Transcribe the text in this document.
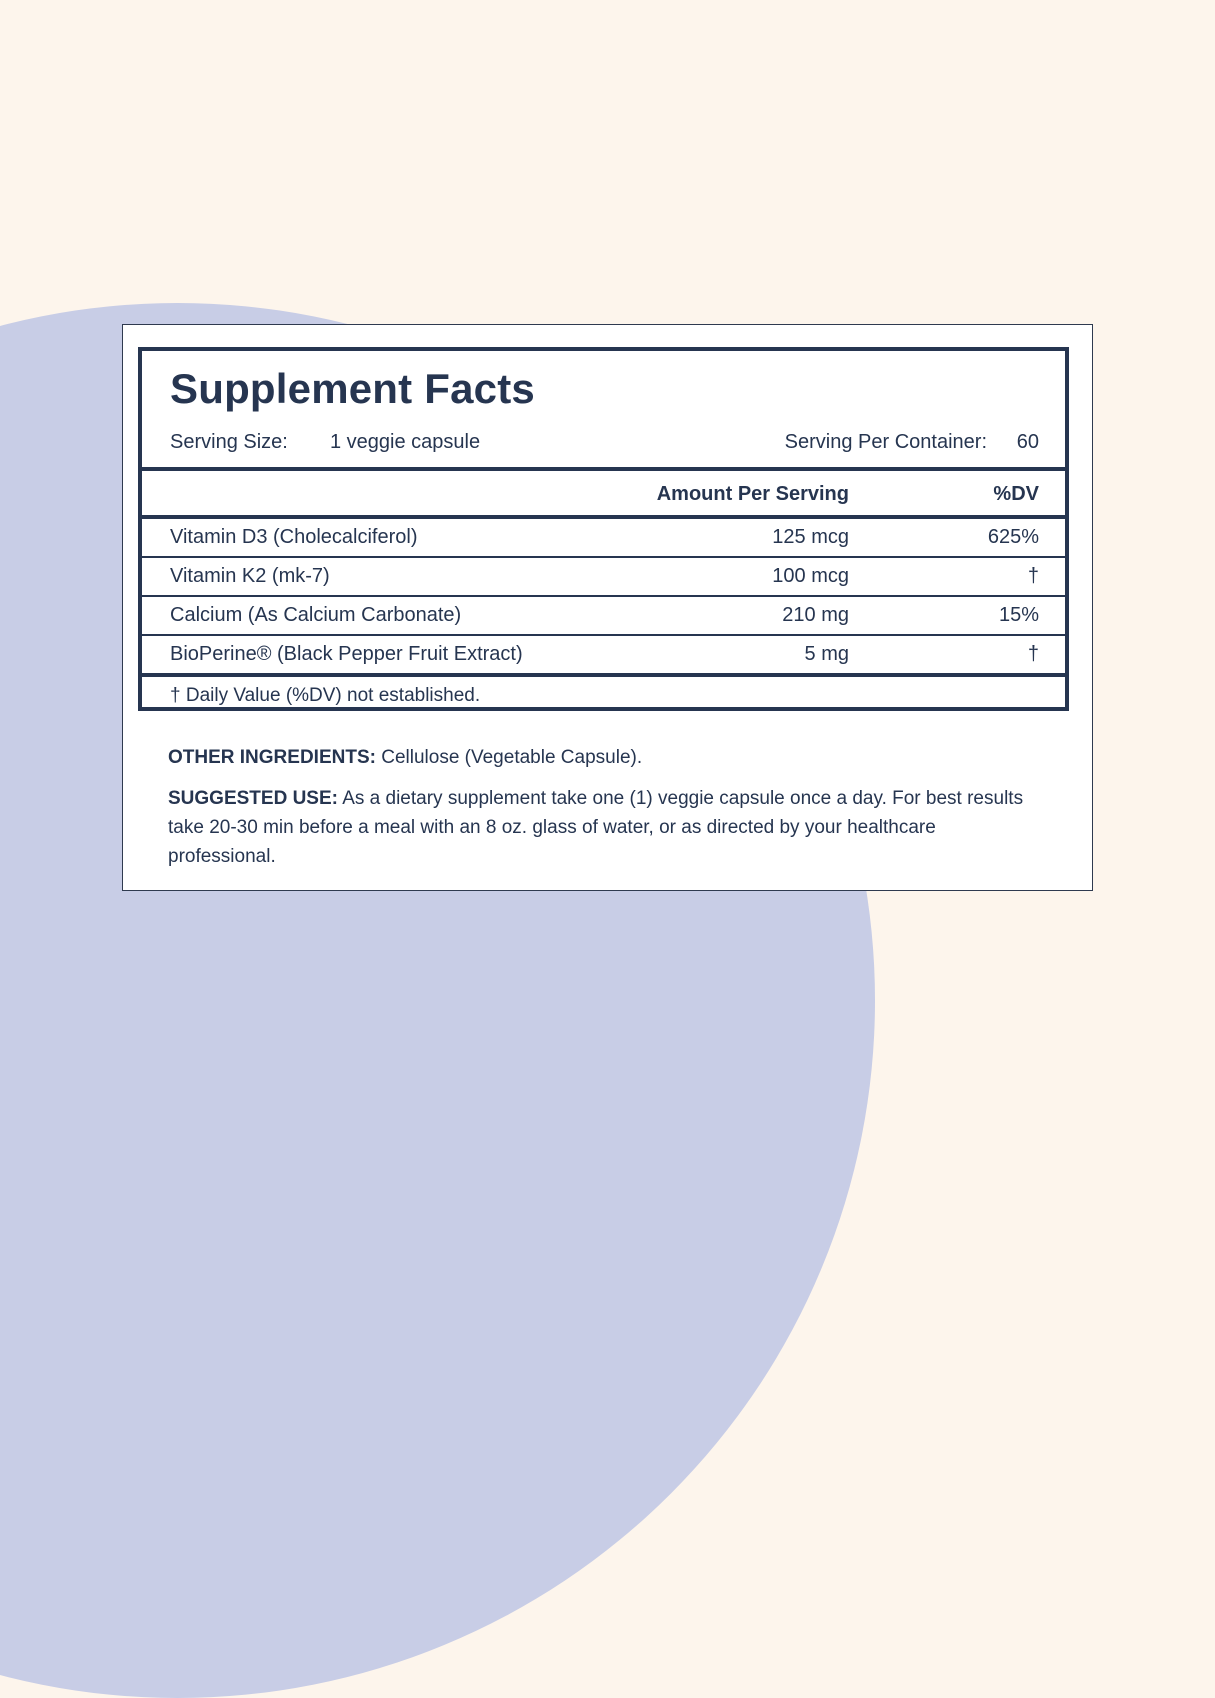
Supplement Facts
Serving Size: 1 veggie capsule	Serving Per Container: 60
Amount Per Serving	%DV
Vitamin D3 (Cholecalciferol)	125 mcg	625%
Vitamin K2 (mk-7)	100 mcg	†
Calcium (As Calcium Carbonate)	210 mg	15%
BioPerine® (Black Pepper Fruit Extract)	5 mg	†
† Daily Value (%DV) not established.

OTHER INGREDIENTS: Cellulose (Vegetable Capsule).

SUGGESTED USE: As a dietary supplement take one (1) veggie capsule once a day. For best results take 20-30 min before a meal with an 8 oz. glass of water, or as directed by your healthcare professional.
